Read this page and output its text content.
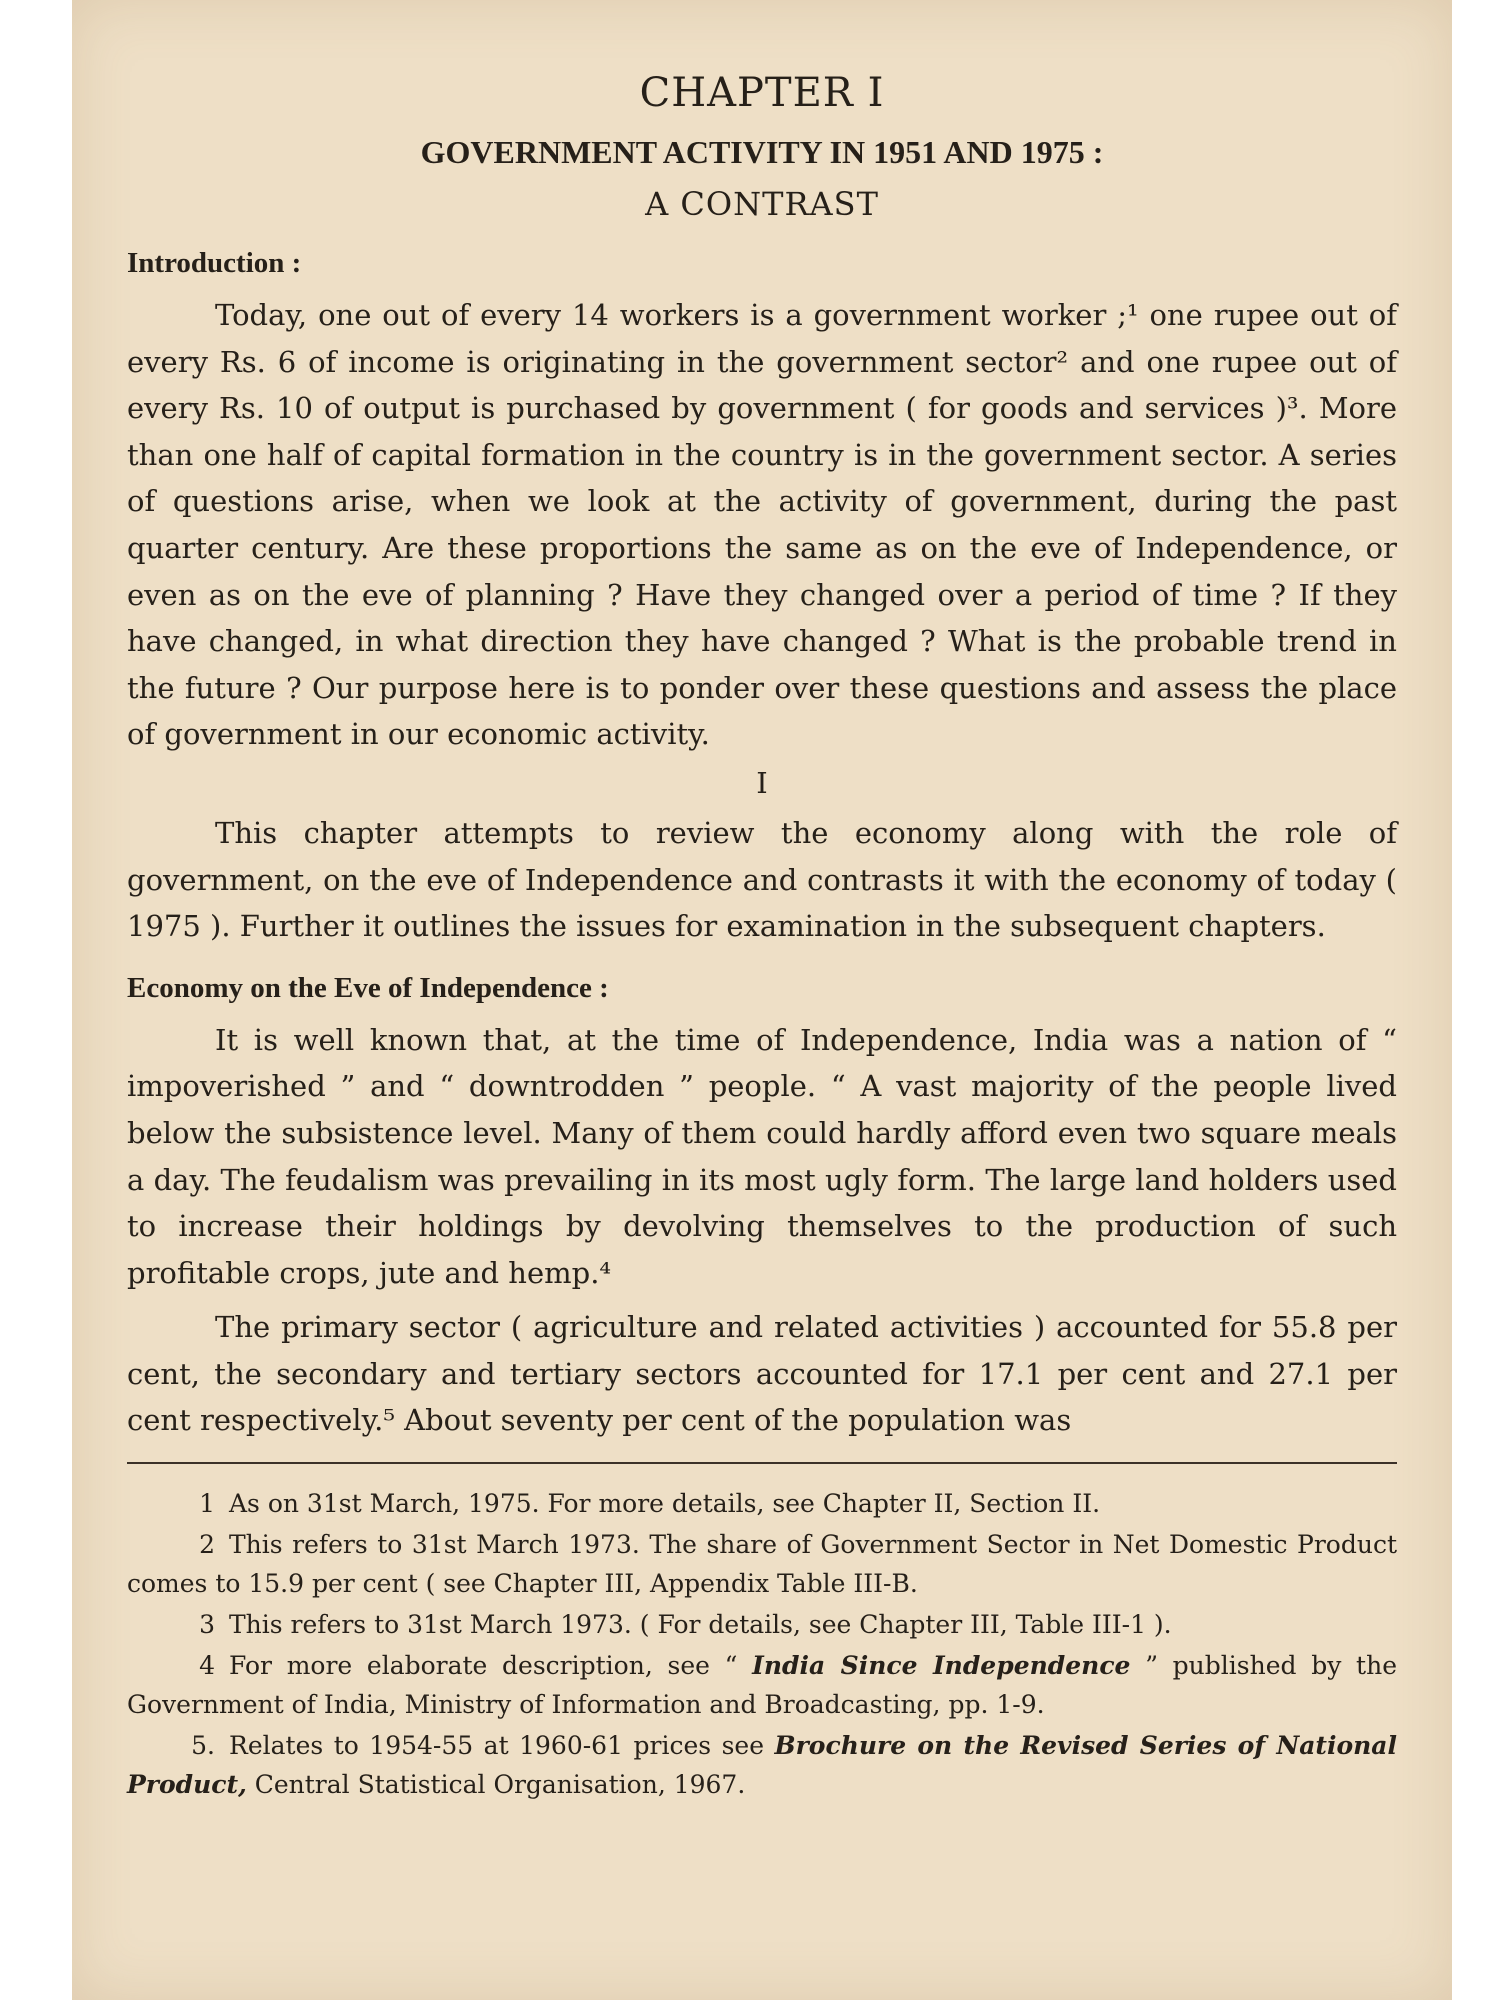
CHAPTER I
GOVERNMENT ACTIVITY IN 1951 AND 1975 :
A CONTRAST
Introduction :

Today, one out of every 14 workers is a government worker ;¹ one rupee out of every Rs. 6 of income is originating in the government sector² and one rupee out of every Rs. 10 of output is purchased by government ( for goods and services )³. More than one half of capital formation in the country is in the government sector. A series of questions arise, when we look at the activity of government, during the past quarter century. Are these proportions the same as on the eve of Independence, or even as on the eve of planning ? Have they changed over a period of time ? If they have changed, in what direction they have changed ? What is the probable trend in the future ? Our purpose here is to ponder over these questions and assess the place of government in our economic activity.

I

This chapter attempts to review the economy along with the role of government, on the eve of Independence and contrasts it with the economy of today ( 1975 ). Further it outlines the issues for examination in the subsequent chapters.

Economy on the Eve of Independence :

It is well known that, at the time of Independence, India was a nation of “ impoverished ” and “ downtrodden ” people. “ A vast majority of the people lived below the subsistence level. Many of them could hardly afford even two square meals a day. The feudalism was prevailing in its most ugly form. The large land holders used to increase their holdings by devolving themselves to the production of such profitable crops, jute and hemp.⁴

The primary sector ( agriculture and related activities ) accounted for 55.8 per cent, the secondary and tertiary sectors accounted for 17.1 per cent and 27.1 per cent respectively.⁵ About seventy per cent of the population was

1 As on 31st March, 1975. For more details, see Chapter II, Section II.

2 This refers to 31st March 1973. The share of Government Sector in Net Domestic Product comes to 15.9 per cent ( see Chapter III, Appendix Table III-B.

3 This refers to 31st March 1973. ( For details, see Chapter III, Table III-1 ).

4 For more elaborate description, see “ India Since Independence ” published by the Government of India, Ministry of Information and Broadcasting, pp. 1-9.

5. Relates to 1954-55 at 1960-61 prices see Brochure on the Revised Series of National Product, Central Statistical Organisation, 1967.
